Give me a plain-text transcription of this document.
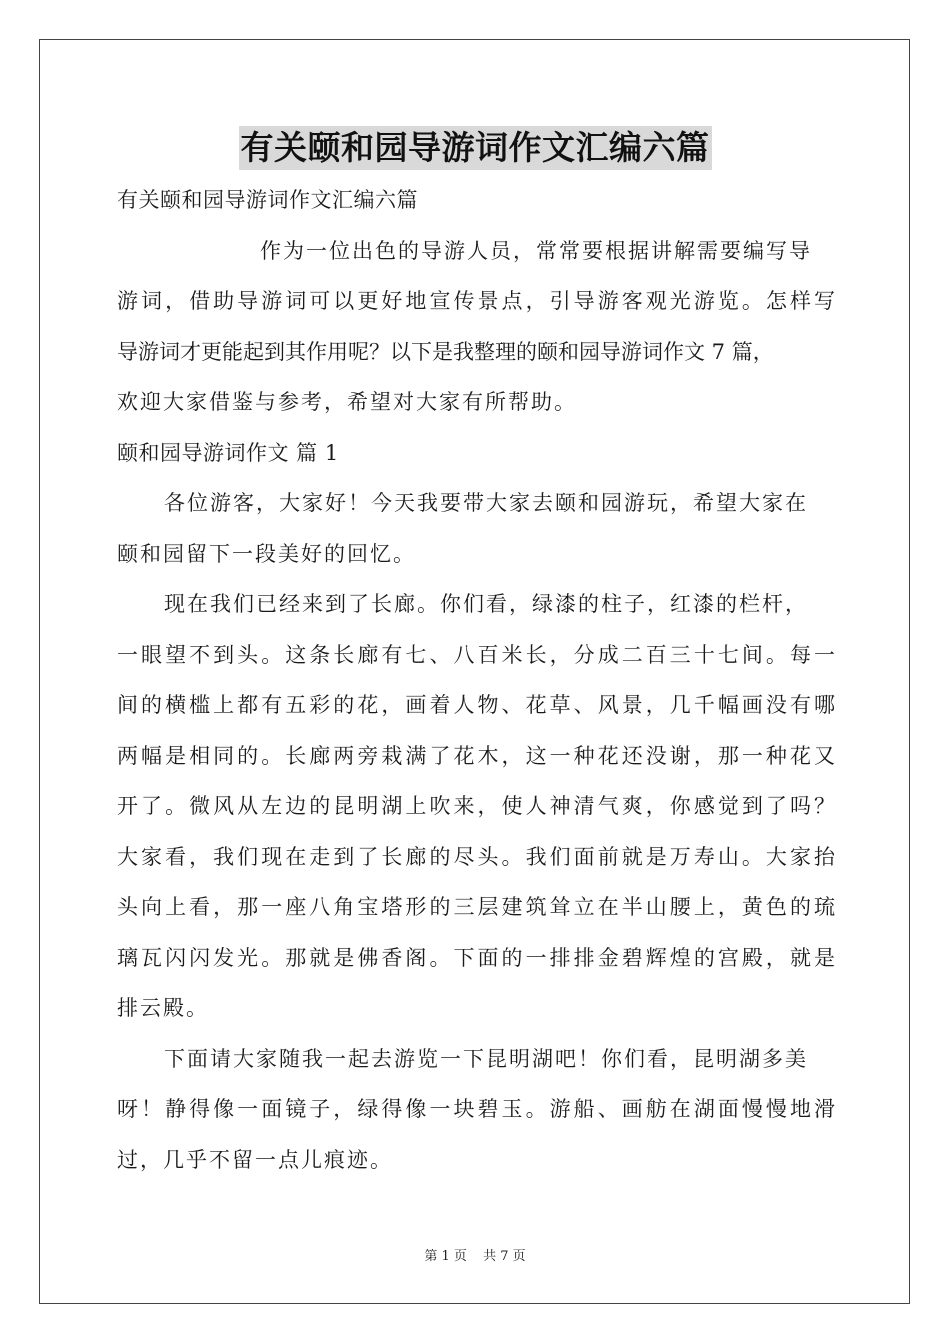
有关颐和园导游词作文汇编六篇

有关颐和园导游词作文汇编六篇

作为一位出色的导游人员，常常要根据讲解需要编写导

游词，借助导游词可以更好地宣传景点，引导游客观光游览。怎样写

导游词才更能起到其作用呢？以下是我整理的颐和园导游词作文 7 篇，

欢迎大家借鉴与参考，希望对大家有所帮助。

颐和园导游词作文 篇 1

各位游客，大家好！今天我要带大家去颐和园游玩，希望大家在

颐和园留下一段美好的回忆。

现在我们已经来到了长廊。你们看，绿漆的柱子，红漆的栏杆，

一眼望不到头。这条长廊有七、八百米长，分成二百三十七间。每一

间的横槛上都有五彩的花，画着人物、花草、风景，几千幅画没有哪

两幅是相同的。长廊两旁栽满了花木，这一种花还没谢，那一种花又

开了。微风从左边的昆明湖上吹来，使人神清气爽，你感觉到了吗？

大家看，我们现在走到了长廊的尽头。我们面前就是万寿山。大家抬

头向上看，那一座八角宝塔形的三层建筑耸立在半山腰上，黄色的琉

璃瓦闪闪发光。那就是佛香阁。下面的一排排金碧辉煌的宫殿，就是

排云殿。

下面请大家随我一起去游览一下昆明湖吧！你们看，昆明湖多美

呀！静得像一面镜子，绿得像一块碧玉。游船、画舫在湖面慢慢地滑

过，几乎不留一点儿痕迹。

第 1 页 共 7 页
